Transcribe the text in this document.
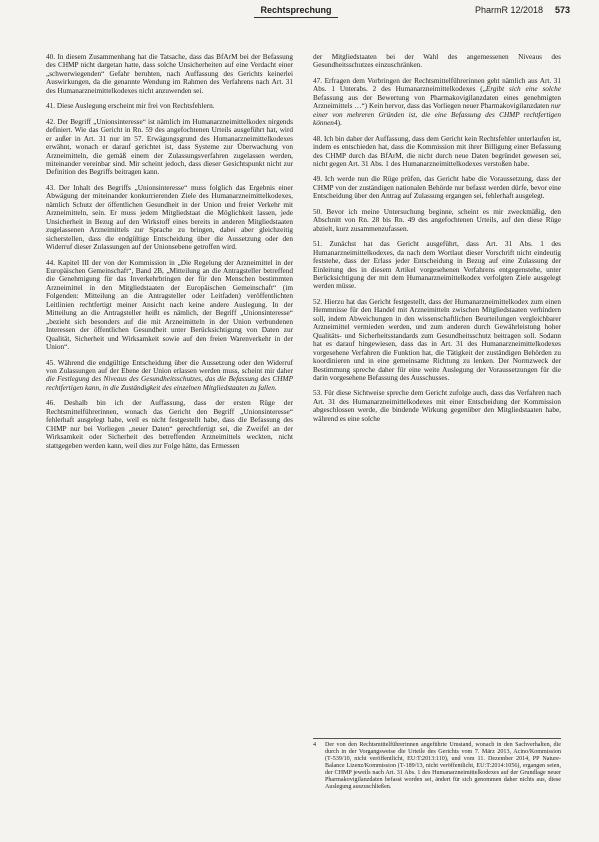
Rechtsprechung	PharmR 12/2018 573

40. In diesem Zusammenhang hat die Tatsache, dass das BfArM bei der Befassung des CHMP nicht dargetan hatte, dass solche Unsicherheiten auf eine Verdacht einer „schwerwiegenden“ Gefahr beruhten, nach Auffassung des Gerichts keinerlei Auswirkungen, da die genannte Wendung im Rahmen des Verfahrens nach Art. 31 des Humanarzneimittelkodexes nicht anzuwenden sei.

41. Diese Auslegung erscheint mir frei von Rechtsfehlern.

42. Der Begriff „Unionsinteresse“ ist nämlich im Humanarzneimittelkodex nirgends definiert. Wie das Gericht in Rn. 59 des angefochtenen Urteils ausgeführt hat, wird er außer in Art. 31 nur im 57. Erwägungsgrund des Humanarzneimittelkodexes erwähnt, wonach er darauf gerichtet ist, dass Systeme zur Überwachung von Arzneimitteln, die gemäß einem der Zulassungsverfahren zugelassen werden, miteinander vereinbar sind. Mir scheint jedoch, dass dieser Gesichtspunkt nicht zur Definition des Begriffs beitragen kann.

43. Der Inhalt des Begriffs „Unionsinteresse“ muss folglich das Ergebnis einer Abwägung der miteinander konkurrierenden Ziele des Humanarzneimittelkodexes, nämlich Schutz der öffentlichen Gesundheit in der Union und freier Verkehr mit Arzneimitteln, sein. Er muss jedem Mitgliedstaat die Möglichkeit lassen, jede Unsicherheit in Bezug auf den Wirkstoff eines bereits in anderen Mitgliedstaaten zugelassenen Arzneimittels zur Sprache zu bringen, dabei aber gleichzeitig sicherstellen, dass die endgültige Entscheidung über die Aussetzung oder den Widerruf dieser Zulassungen auf der Unionsebene getroffen wird.

44. Kapitel III der von der Kommission in „Die Regelung der Arzneimittel in der Europäischen Gemeinschaft“, Band 2B, „Mitteilung an die Antragsteller betreffend die Genehmigung für das Inverkehrbringen der für den Menschen bestimmten Arzneimittel in den Mitgliedstaaten der Europäischen Gemeinschaft“ (im Folgenden: Mitteilung an die Antragsteller oder Leitfaden) veröffentlichten Leitlinien rechtfertigt meiner Ansicht nach keine andere Auslegung. In der Mitteilung an die Antragsteller heißt es nämlich, der Begriff „Unionsinteresse“ „bezieht sich besonders auf die mit Arzneimitteln in der Union verbundenen Interessen der öffentlichen Gesundheit unter Berücksichtigung von Daten zur Qualität, Sicherheit und Wirksamkeit sowie auf den freien Warenverkehr in der Union“.

45. Während die endgültige Entscheidung über die Aussetzung oder den Widerruf von Zulassungen auf der Ebene der Union erlassen werden muss, scheint mir daher die Festlegung des Niveaus des Gesundheitsschutzes, das die Befassung des CHMP rechtfertigen kann, in die Zuständigkeit des einzelnen Mitgliedstaaten zu fallen.

46. Deshalb bin ich der Auffassung, dass der ersten Rüge der Rechtsmittelführerinnen, wonach das Gericht den Begriff „Unionsinteresse“ fehlerhaft ausgelegt habe, weil es nicht festgestellt habe, dass die Befassung des CHMP nur bei Vorliegen „neuer Daten“ gerechtfertigt sei, die Zweifel an der Wirksamkeit oder Sicherheit des betreffenden Arzneimittels weckten, nicht stattgegeben werden kann, weil dies zur Folge hätte, das Ermessen

der Mitgliedstaaten bei der Wahl des angemessenen Niveaus des Gesundheitsschutzes einzuschränken.

47. Erfragen dem Vorbringen der Rechtsmittelführerinnen geht nämlich aus Art. 31 Abs. 1 Unterabs. 2 des Humanarzneimittelkodexes („Ergibt sich eine solche Befassung aus der Bewertung von Pharmakovigilanzdaten eines genehmigten Arzneimittels …“) Kein hervor, dass das Vorliegen neuer Pharmakovigilanzdaten nur einer von mehreren Gründen ist, die eine Befassung des CHMP rechtfertigen können4).

48. Ich bin daher der Auffassung, dass dem Gericht kein Rechtsfehler unterlaufen ist, indem es entschieden hat, dass die Kommission mit ihrer Billigung einer Befassung des CHMP durch das BfArM, die nicht durch neue Daten begründet gewesen sei, nicht gegen Art. 31 Abs. 1 des Humanarzneimittelkodexes verstoßen habe.

49. Ich werde nun die Rüge prüfen, das Gericht habe die Voraussetzung, dass der CHMP von der zuständigen nationalen Behörde nur befasst werden dürfe, bevor eine Entscheidung über den Antrag auf Zulassung ergangen sei, fehlerhaft ausgelegt.

50. Bevor ich meine Untersuchung beginne, scheint es mir zweckmäßig, den Abschnitt von Rn. 28 bis Rn. 49 des angefochtenen Urteils, auf den diese Rüge abzielt, kurz zusammenzufassen.

51. Zunächst hat das Gericht ausgeführt, dass Art. 31 Abs. 1 des Humanarzneimittelkodexes, da nach dem Wortlaut dieser Vorschrift nicht eindeutig feststehe, dass der Erlass jeder Entscheidung in Bezug auf eine Zulassung der Einleitung des in diesem Artikel vorgesehenen Verfahrens entgegenstehe, unter Berücksichtigung der mit dem Humanarzneimittelkodex verfolgten Ziele ausgelegt werden müsse.

52. Hierzu hat das Gericht festgestellt, dass der Humanarzneimittelkodex zum einen Hemmnisse für den Handel mit Arzneimitteln zwischen Mitgliedstaaten verhindern soll, indem Abweichungen in den wissenschaftlichen Beurteilungen vergleichbarer Arzneimittel vermieden werden, und zum anderen durch Gewährleistung hoher Qualitäts- und Sicherheitsstandards zum Gesundheitsschutz beitragen soll. Sodann hat es darauf hingewiesen, dass das in Art. 31 des Humanarzneimittelkodexes vorgesehene Verfahren die Funktion hat, die Tätigkeit der zuständigen Behörden zu koordinieren und in eine gemeinsame Richtung zu lenken. Der Normzweck der Bestimmung spreche daher für eine weite Auslegung der Voraussetzungen für die darin vorgesehene Befassung des Ausschusses.

53. Für diese Sichtweise spreche dem Gericht zufolge auch, dass das Verfahren nach Art. 31 des Humanarzneimittelkodexes mit einer Entscheidung der Kommission abgeschlossen werde, die bindende Wirkung gegenüber den Mitgliedstaaten habe, während es eine solche

4	Der von den Rechtsmittelführerinnen angeführte Umstand, wonach in den Sachverhalten, die durch in der Vorgangsweise die Urteile des Gerichts vom 7. März 2013, Acino/Kommission (T‑539/10, nicht veröffentlicht, EU:T:2013:110), und vom 11. Dezember 2014, PP Nature-Balance Lizenz/Kommission (T‑189/13, nicht veröffentlicht, EU:T:2014:1056), ergangen seien, der CHMP jeweils nach Art. 31 Abs. 1 des Humanarzneimittelkodexes auf der Grundlage neuer Pharmakovigilanzdaten befasst worden sei, ändert für sich genommen daher nichts aus, diese Auslegung auszuschließen.
